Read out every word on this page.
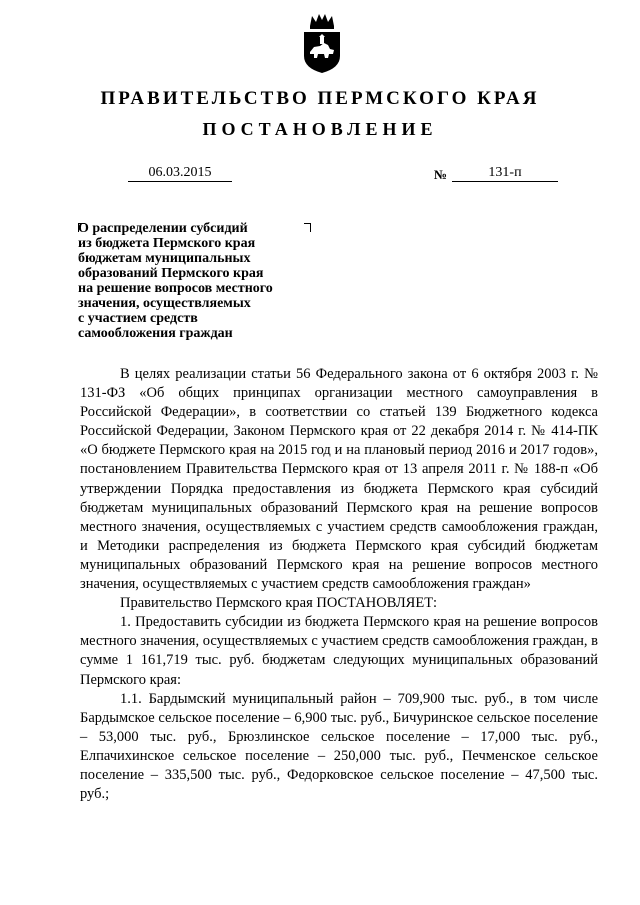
ПРАВИТЕЛЬСТВО ПЕРМСКОГО КРАЯ
ПОСТАНОВЛЕНИЕ
06.03.2015	№	131-п
О распределении субсидий
из бюджета Пермского края
бюджетам муниципальных
образований Пермского края
на решение вопросов местного
значения, осуществляемых
с участием средств
самообложения граждан

В целях реализации статьи 56 Федерального закона от 6 октября 2003 г. № 131-ФЗ «Об общих принципах организации местного самоуправления в Российской Федерации», в соответствии со статьей 139 Бюджетного кодекса Российской Федерации, Законом Пермского края от 22 декабря 2014 г. № 414-ПК «О бюджете Пермского края на 2015 год и на плановый период 2016 и 2017 годов», постановлением Правительства Пермского края от 13 апреля 2011 г. № 188-п «Об утверждении Порядка предоставления из бюджета Пермского края субсидий бюджетам муниципальных образований Пермского края на решение вопросов местного значения, осуществляемых с участием средств самообложения граждан, и Методики распределения из бюджета Пермского края субсидий бюджетам муниципальных образований Пермского края на решение вопросов местного значения, осуществляемых с участием средств самообложения граждан»

Правительство Пермского края ПОСТАНОВЛЯЕТ:

1. Предоставить субсидии из бюджета Пермского края на решение вопросов местного значения, осуществляемых с участием средств самообложения граждан, в сумме 1 161,719 тыс. руб. бюджетам следующих муниципальных образований Пермского края:

1.1. Бардымский муниципальный район – 709,900 тыс. руб., в том числе Бардымское сельское поселение – 6,900 тыс. руб., Бичуринское сельское поселение – 53,000 тыс. руб., Брюзлинское сельское поселение – 17,000 тыс. руб., Елпачихинское сельское поселение – 250,000 тыс. руб., Печменское сельское поселение – 335,500 тыс. руб., Федорковское сельское поселение – 47,500 тыс. руб.;
